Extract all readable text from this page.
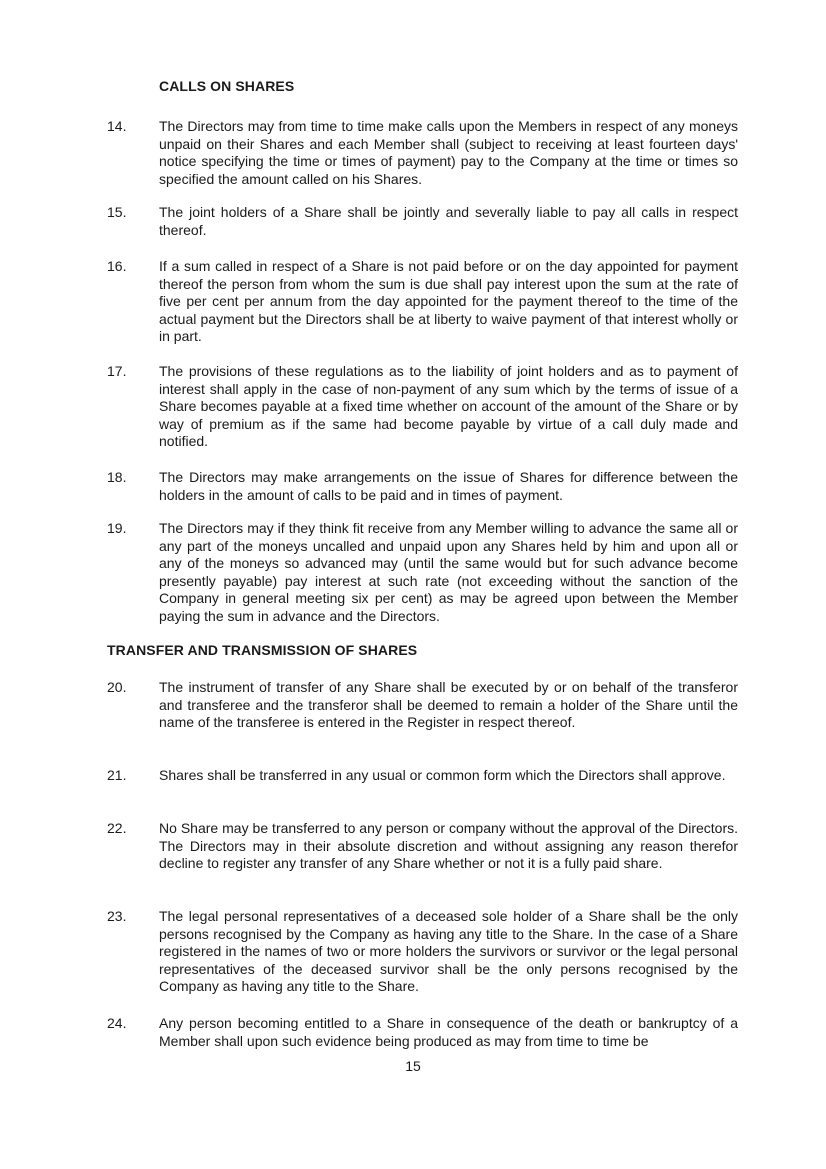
CALLS ON SHARES
14. The Directors may from time to time make calls upon the Members in respect of any moneys unpaid on their Shares and each Member shall (subject to receiving at least fourteen days' notice specifying the time or times of payment) pay to the Company at the time or times so specified the amount called on his Shares.
15. The joint holders of a Share shall be jointly and severally liable to pay all calls in respect thereof.
16. If a sum called in respect of a Share is not paid before or on the day appointed for payment thereof the person from whom the sum is due shall pay interest upon the sum at the rate of five per cent per annum from the day appointed for the payment thereof to the time of the actual payment but the Directors shall be at liberty to waive payment of that interest wholly or in part.
17. The provisions of these regulations as to the liability of joint holders and as to payment of interest shall apply in the case of non-payment of any sum which by the terms of issue of a Share becomes payable at a fixed time whether on account of the amount of the Share or by way of premium as if the same had become payable by virtue of a call duly made and notified.
18. The Directors may make arrangements on the issue of Shares for difference between the holders in the amount of calls to be paid and in times of payment.
19. The Directors may if they think fit receive from any Member willing to advance the same all or any part of the moneys uncalled and unpaid upon any Shares held by him and upon all or any of the moneys so advanced may (until the same would but for such advance become presently payable) pay interest at such rate (not exceeding without the sanction of the Company in general meeting six per cent) as may be agreed upon between the Member paying the sum in advance and the Directors.
TRANSFER AND TRANSMISSION OF SHARES
20. The instrument of transfer of any Share shall be executed by or on behalf of the transferor and transferee and the transferor shall be deemed to remain a holder of the Share until the name of the transferee is entered in the Register in respect thereof.
21. Shares shall be transferred in any usual or common form which the Directors shall approve.
22. No Share may be transferred to any person or company without the approval of the Directors. The Directors may in their absolute discretion and without assigning any reason therefor decline to register any transfer of any Share whether or not it is a fully paid share.
23. The legal personal representatives of a deceased sole holder of a Share shall be the only persons recognised by the Company as having any title to the Share. In the case of a Share registered in the names of two or more holders the survivors or survivor or the legal personal representatives of the deceased survivor shall be the only persons recognised by the Company as having any title to the Share.
24. Any person becoming entitled to a Share in consequence of the death or bankruptcy of a Member shall upon such evidence being produced as may from time to time be
15
